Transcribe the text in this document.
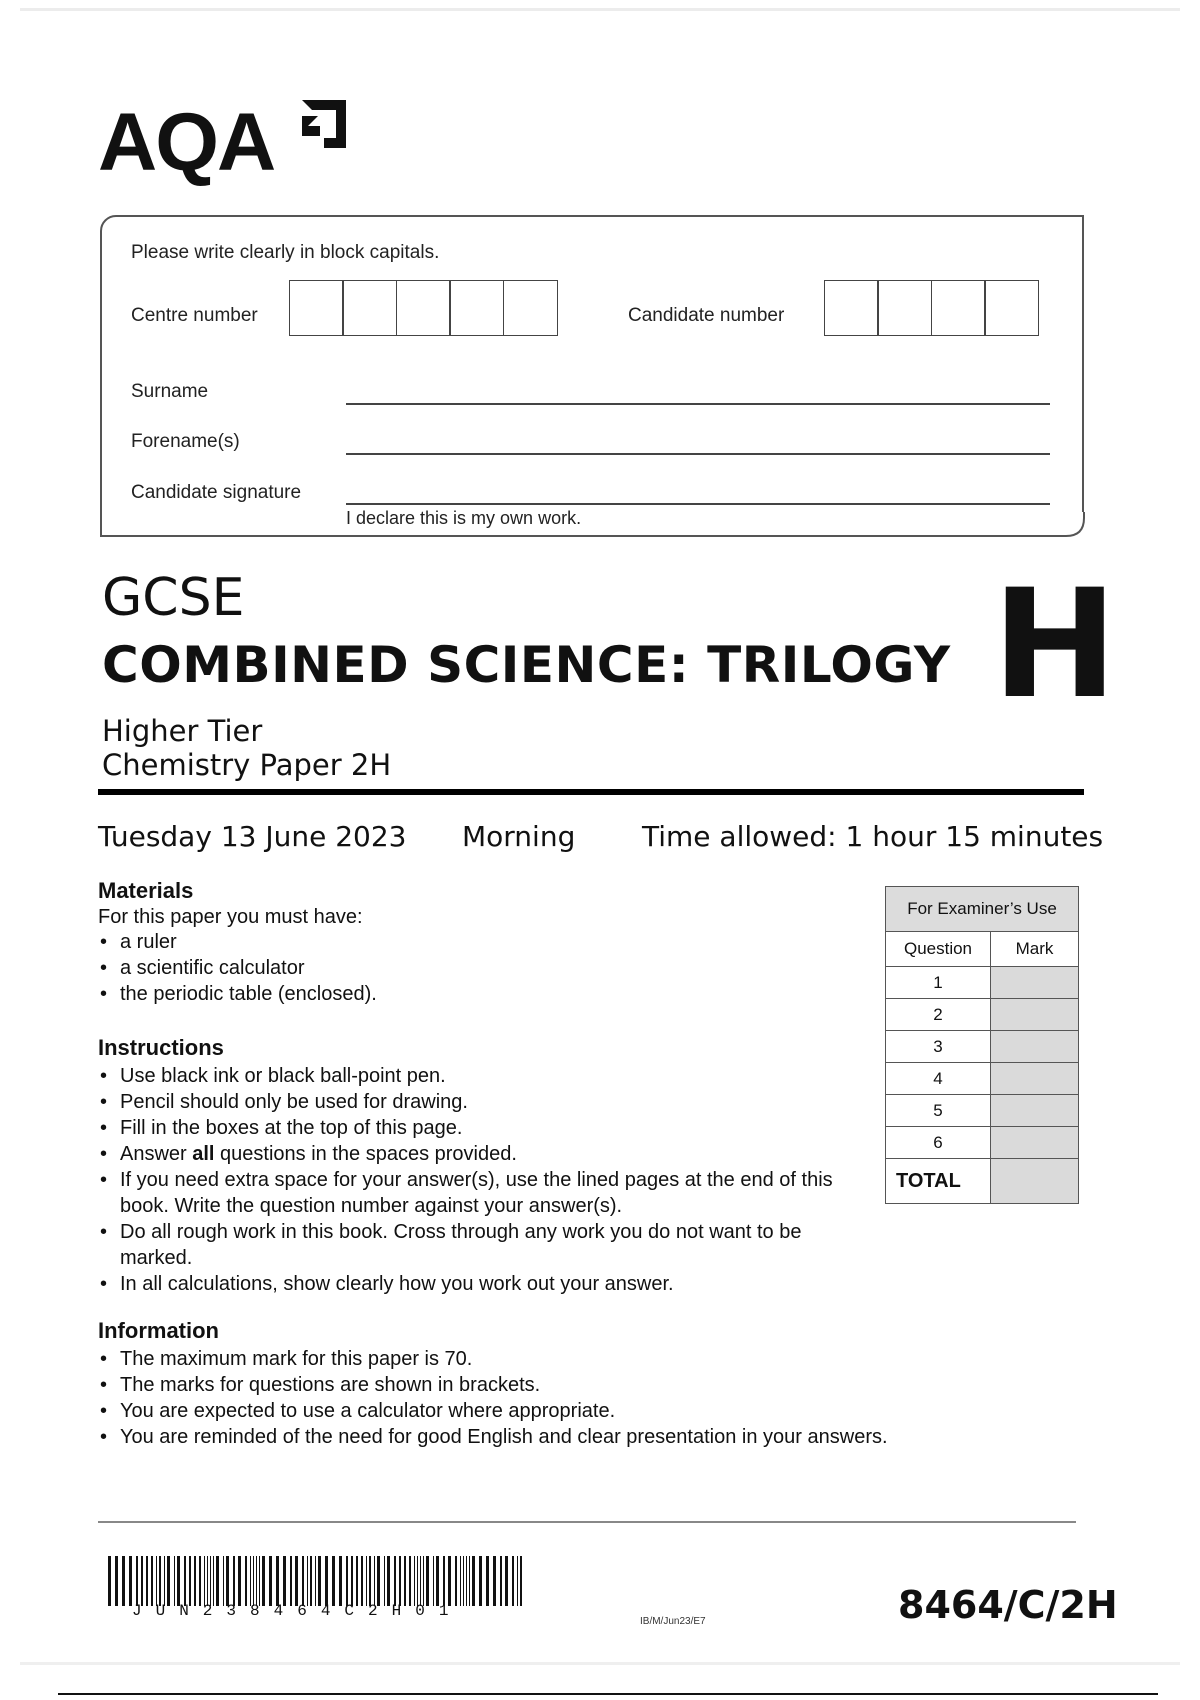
AQA
Please write clearly in block capitals.
Centre number	Candidate number
Surname
Forename(s)
Candidate signature
I declare this is my own work.
GCSE
COMBINED SCIENCE: TRILOGY H
Higher Tier
Chemistry Paper 2H
Tuesday 13 June 2023 Morning Time allowed: 1 hour 15 minutes
Materials
For this paper you must have:
• a ruler
• a scientific calculator
• the periodic table (enclosed).
Instructions
• Use black ink or black ball-point pen.
• Pencil should only be used for drawing.
• Fill in the boxes at the top of this page.
• Answer all questions in the spaces provided.
• If you need extra space for your answer(s), use the lined pages at the end of this book. Write the question number against your answer(s).
• Do all rough work in this book. Cross through any work you do not want to be marked.
• In all calculations, show clearly how you work out your answer.
Information
• The maximum mark for this paper is 70.
• The marks for questions are shown in brackets.
• You are expected to use a calculator where appropriate.
• You are reminded of the need for good English and clear presentation in your answers.
For Examiner’s Use	
Question	Mark
1	
2	
3	
4	
5	
6	
TOTAL	
JUN238464C2H01
IB/M/Jun23/E7	8464/C/2H
